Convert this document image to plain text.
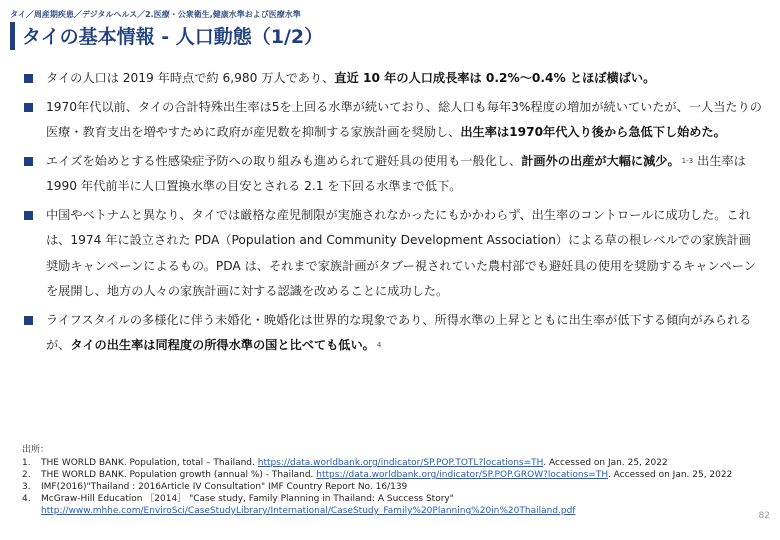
タイ／周産期疾患／デジタルヘルス／2.医療・公衆衛生,健康水準および医療水準
タイの基本情報 - 人口動態（1/2）
タイの人口は 2019 年時点で約 6,980 万人であり、直近 10 年の人口成長率は 0.2%～0.4% とほぼ横ばい。
1970年代以前、タイの合計特殊出生率は5を上回る水準が続いており、総人口も毎年3%程度の増加が続いていたが、一人当たりの医療・教育支出を増やすために政府が産児数を抑制する家族計画を奨励し、出生率は1970年代入り後から急低下し始めた。
エイズを始めとする性感染症予防への取り組みも進められて避妊具の使用も一般化し、計画外の出産が大幅に減少。 $^{1-3}$ 出生率は 1990 年代前半に人口置換水準の目安とされる 2.1 を下回る水準まで低下。
中国やベトナムと異なり、タイでは厳格な産児制限が実施されなかったにもかかわらず、出生率のコントロールに成功した。これは、1974 年に設立された PDA（Population and Community Development Association）による草の根レベルでの家族計画奨励キャンペーンによるもの。PDA は、それまで家族計画がタブー視されていた農村部でも避妊具の使用を奨励するキャンペーンを展開し、地方の人々の家族計画に対する認識を改めることに成功した。
ライフスタイルの多様化に伴う未婚化・晩婚化は世界的な現象であり、所得水準の上昇とともに出生率が低下する傾向がみられるが、タイの出生率は同程度の所得水準の国と比べても低い。 $^4$
出所：
1. THE WORLD BANK. Population, total – Thailand. https://data.worldbank.org/indicator/SP.POP.TOTL?locations=TH. Accessed on Jan. 25, 2022
2. THE WORLD BANK. Population growth (annual %) - Thailand. https://data.worldbank.org/indicator/SP.POP.GROW?locations=TH. Accessed on Jan. 25, 2022
3. IMF(2016)"Thailand : 2016Article IV Consultation" IMF Country Report No. 16/139
4. McGraw-Hill Education ［2014］ "Case study, Family Planning in Thailand: A Success Story" http://www.mhhe.com/EnviroSci/CaseStudyLibrary/International/CaseStudy_Family%20Planning%20in%20Thailand.pdf	82
